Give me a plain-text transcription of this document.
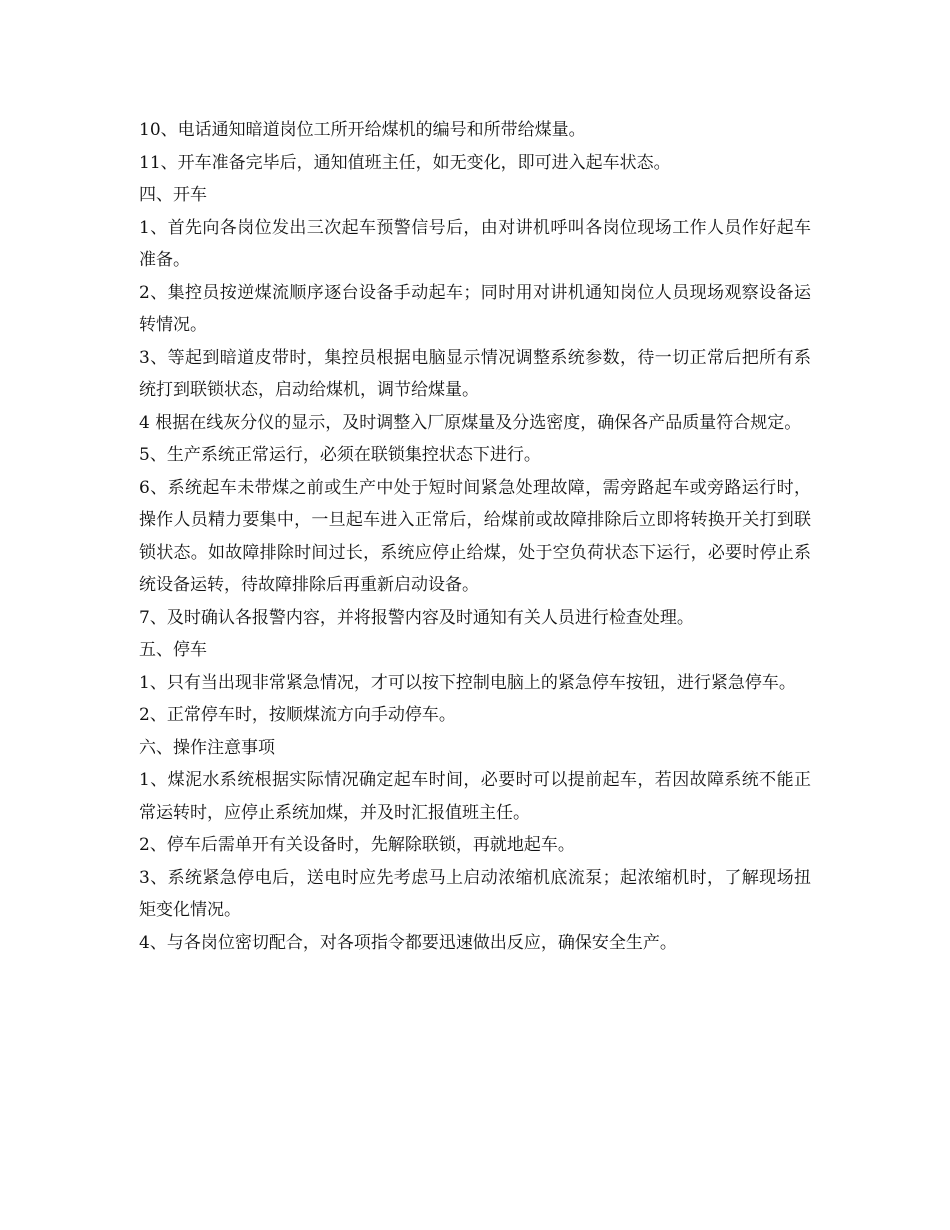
10、电话通知暗道岗位工所开给煤机的编号和所带给煤量。

11、开车准备完毕后，通知值班主任，如无变化，即可进入起车状态。

四、开车

1、首先向各岗位发出三次起车预警信号后，由对讲机呼叫各岗位现场工作人员作好起车准备。

2、集控员按逆煤流顺序逐台设备手动起车；同时用对讲机通知岗位人员现场观察设备运转情况。

3、等起到暗道皮带时，集控员根据电脑显示情况调整系统参数，待一切正常后把所有系统打到联锁状态，启动给煤机，调节给煤量。

4 根据在线灰分仪的显示，及时调整入厂原煤量及分选密度，确保各产品质量符合规定。

5、生产系统正常运行，必须在联锁集控状态下进行。

6、系统起车未带煤之前或生产中处于短时间紧急处理故障，需旁路起车或旁路运行时，操作人员精力要集中，一旦起车进入正常后，给煤前或故障排除后立即将转换开关打到联锁状态。如故障排除时间过长，系统应停止给煤，处于空负荷状态下运行，必要时停止系统设备运转，待故障排除后再重新启动设备。

7、及时确认各报警内容，并将报警内容及时通知有关人员进行检查处理。

五、停车

1、只有当出现非常紧急情况，才可以按下控制电脑上的紧急停车按钮，进行紧急停车。

2、正常停车时，按顺煤流方向手动停车。

六、操作注意事项

1、煤泥水系统根据实际情况确定起车时间，必要时可以提前起车，若因故障系统不能正常运转时，应停止系统加煤，并及时汇报值班主任。

2、停车后需单开有关设备时，先解除联锁，再就地起车。

3、系统紧急停电后，送电时应先考虑马上启动浓缩机底流泵；起浓缩机时，了解现场扭矩变化情况。

4、与各岗位密切配合，对各项指令都要迅速做出反应，确保安全生产。
